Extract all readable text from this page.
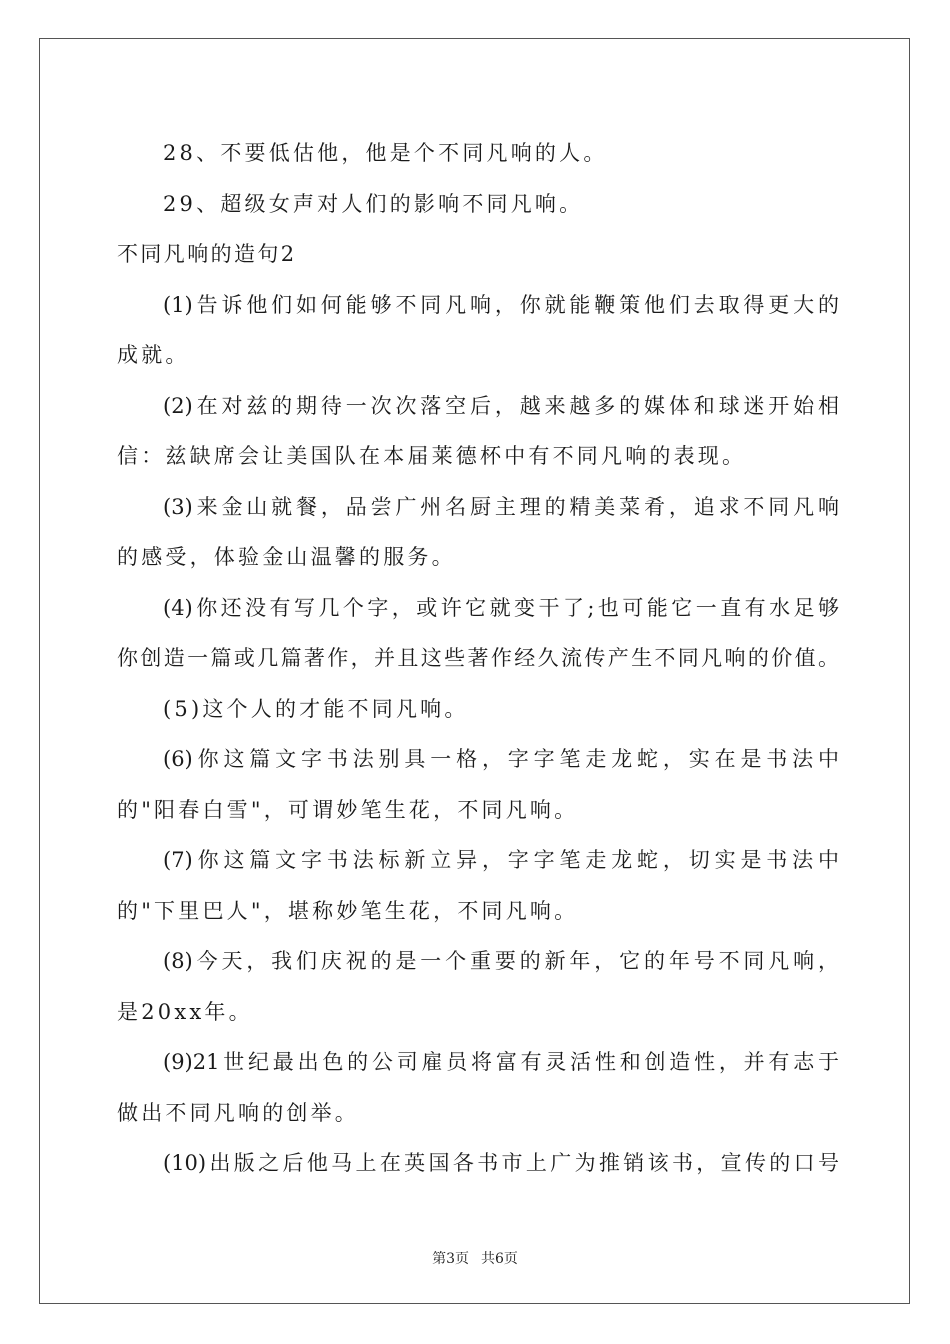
28、不要低估他，他是个不同凡响的人。
29、超级女声对人们的影响不同凡响。
不同凡响的造句2
(1)告诉他们如何能够不同凡响，你就能鞭策他们去取得更大的
成就。
(2)在对兹的期待一次次落空后，越来越多的媒体和球迷开始相
信：兹缺席会让美国队在本届莱德杯中有不同凡响的表现。
(3)来金山就餐，品尝广州名厨主理的精美菜肴，追求不同凡响
的感受，体验金山温馨的服务。
(4)你还没有写几个字，或许它就变干了;也可能它一直有水足够
你创造一篇或几篇著作，并且这些著作经久流传产生不同凡响的价值。
(5)这个人的才能不同凡响。
(6)你这篇文字书法别具一格，字字笔走龙蛇，实在是书法中
的"阳春白雪"，可谓妙笔生花，不同凡响。
(7)你这篇文字书法标新立异，字字笔走龙蛇，切实是书法中
的"下里巴人"，堪称妙笔生花，不同凡响。
(8)今天，我们庆祝的是一个重要的新年，它的年号不同凡响，
是20xx年。
(9)21世纪最出色的公司雇员将富有灵活性和创造性，并有志于
做出不同凡响的创举。
(10)出版之后他马上在英国各书市上广为推销该书，宣传的口号
第3页 共6页
